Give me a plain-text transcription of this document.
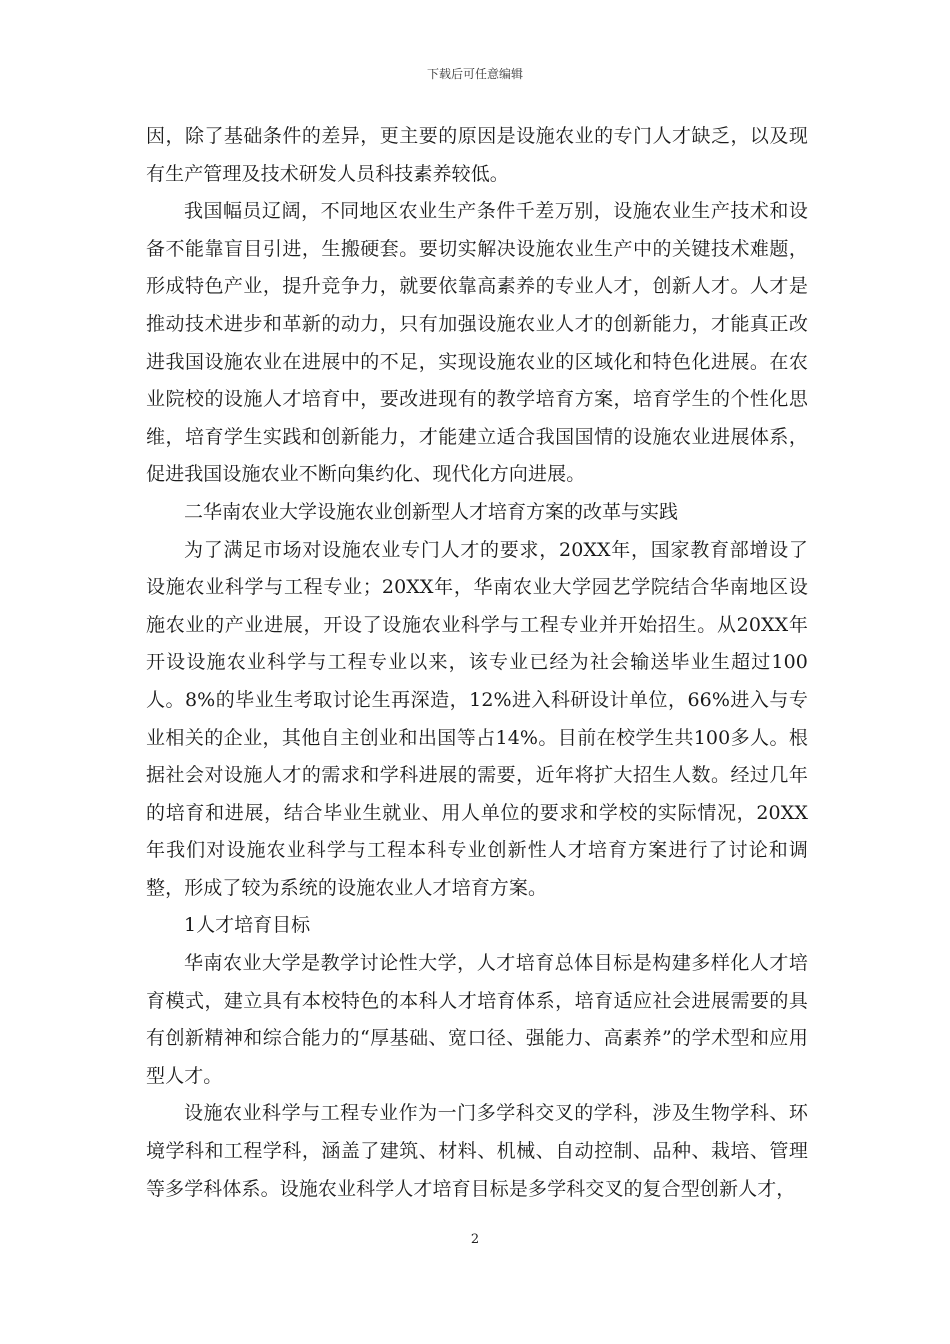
下载后可任意编辑

因，除了基础条件的差异，更主要的原因是设施农业的专门人才缺乏，以及现有生产管理及技术研发人员科技素养较低。

我国幅员辽阔，不同地区农业生产条件千差万别，设施农业生产技术和设备不能靠盲目引进，生搬硬套。要切实解决设施农业生产中的关键技术难题，形成特色产业，提升竞争力，就要依靠高素养的专业人才，创新人才。人才是推动技术进步和革新的动力，只有加强设施农业人才的创新能力，才能真正改进我国设施农业在进展中的不足，实现设施农业的区域化和特色化进展。在农业院校的设施人才培育中，要改进现有的教学培育方案，培育学生的个性化思维，培育学生实践和创新能力，才能建立适合我国国情的设施农业进展体系，促进我国设施农业不断向集约化、现代化方向进展。

二华南农业大学设施农业创新型人才培育方案的改革与实践

为了满足市场对设施农业专门人才的要求，20XX年，国家教育部增设了设施农业科学与工程专业；20XX年，华南农业大学园艺学院结合华南地区设施农业的产业进展，开设了设施农业科学与工程专业并开始招生。从20XX年开设设施农业科学与工程专业以来，该专业已经为社会输送毕业生超过100人。8%的毕业生考取讨论生再深造，12%进入科研设计单位，66%进入与专业相关的企业，其他自主创业和出国等占14%。目前在校学生共100多人。根据社会对设施人才的需求和学科进展的需要，近年将扩大招生人数。经过几年的培育和进展，结合毕业生就业、用人单位的要求和学校的实际情况，20XX年我们对设施农业科学与工程本科专业创新性人才培育方案进行了讨论和调整，形成了较为系统的设施农业人才培育方案。

1人才培育目标

华南农业大学是教学讨论性大学，人才培育总体目标是构建多样化人才培育模式，建立具有本校特色的本科人才培育体系，培育适应社会进展需要的具有创新精神和综合能力的“厚基础、宽口径、强能力、高素养”的学术型和应用型人才。

设施农业科学与工程专业作为一门多学科交叉的学科，涉及生物学科、环境学科和工程学科，涵盖了建筑、材料、机械、自动控制、品种、栽培、管理等多学科体系。设施农业科学人才培育目标是多学科交叉的复合型创新人才，

2
